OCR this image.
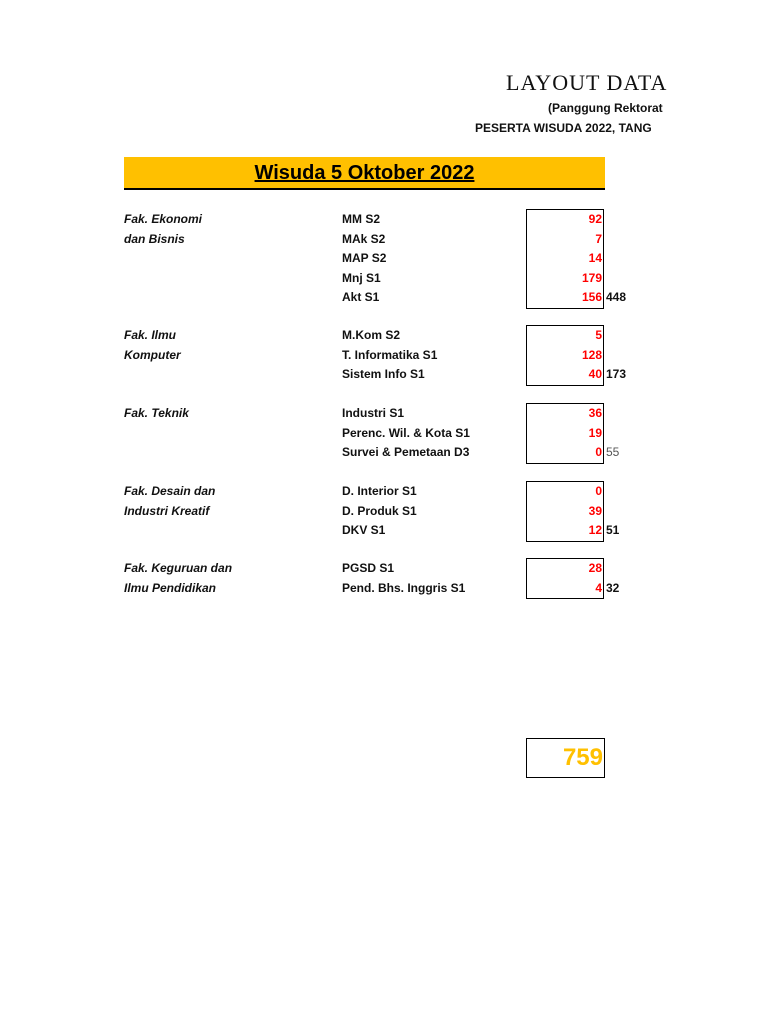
LAYOUT DATA
(Panggung Rektorat
PESERTA WISUDA 2022, TANG
Wisuda 5 Oktober 2022
Fak. Ekonomi
dan Bisnis
MM S2
MAk S2
MAP S2
Mnj S1
Akt S1
92
7
14
179
156 448
Fak. Ilmu
Komputer
M.Kom S2
T. Informatika S1
Sistem Info S1
5
128
40 173
Fak. Teknik	Industri S1
Perenc. Wil. & Kota S1
Survei & Pemetaan D3
36
19
0 55
Fak. Desain dan
Industri Kreatif
D. Interior S1
D. Produk S1
DKV S1
0
39
12 51
Fak. Keguruan dan
Ilmu Pendidikan
PGSD S1
Pend. Bhs. Inggris S1
28
4 32
759
